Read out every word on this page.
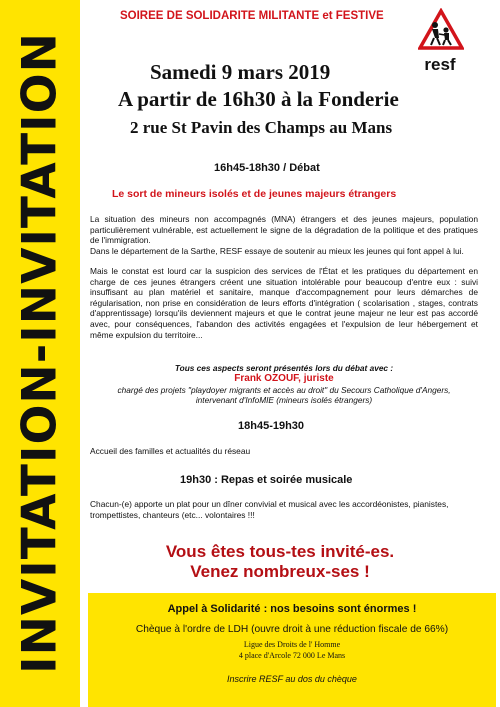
INVITATION-INVITATION
SOIREE DE SOLIDARITE MILITANTE et FESTIVE
resf
Samedi 9 mars 2019
A partir de 16h30 à la Fonderie
2 rue St Pavin des Champs au Mans
16h45-18h30 / Débat
Le sort de mineurs isolés et de jeunes majeurs étrangers

La situation des mineurs non accompagnés (MNA) étrangers et des jeunes majeurs, population particulièrement vulnérable, est actuellement le signe de la dégradation de la politique et des pratiques de l'immigration.

Dans le département de la Sarthe, RESF essaye de soutenir au mieux les jeunes qui font appel à lui.

Mais le constat est lourd car la suspicion des services de l'État et les pratiques du département en charge de ces jeunes étrangers créent une situation intolérable pour beaucoup d'entre eux : suivi insuffisant au plan matériel et sanitaire, manque d'accompagnement pour leurs démarches de régularisation, non prise en considération de leurs efforts d'intégration ( scolarisation , stages, contrats d'apprentissage) lorsqu'ils deviennent majeurs et que le contrat jeune majeur ne leur est pas accordé avec, pour conséquences, l'abandon des activités engagées et l'expulsion de leur hébergement et même expulsion du territoire...

Tous ces aspects seront présentés lors du débat avec :
Frank OZOUF, juriste
chargé des projets "playdoyer migrants et accès au droit" du Secours Catholique d'Angers,
intervenant d'InfoMIE (mineurs isolés étrangers)
18h45-19h30
Accueil des familles et actualités du réseau
19h30 : Repas et soirée musicale

Chacun-(e) apporte un plat pour un dîner convivial et musical avec les accordéonistes, pianistes, trompettistes, chanteurs (etc... volontaires !!!

Vous êtes tous-tes invité-es.
Venez nombreux-ses !
Appel à Solidarité : nos besoins sont énormes !
Chèque à l'ordre de LDH (ouvre droit à une réduction fiscale de 66%)
Ligue des Droits de l' Homme
4 place d'Arcole 72 000 Le Mans
Inscrire RESF au dos du chèque
